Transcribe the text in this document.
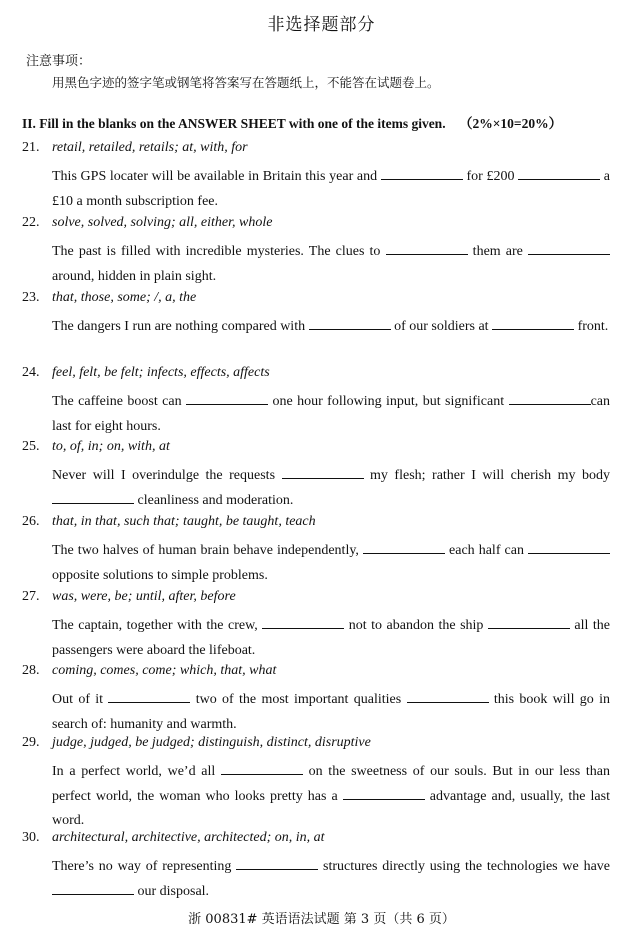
非选择题部分
注意事项：
用黑色字迹的签字笔或钢笔将答案写在答题纸上，不能答在试题卷上。
II. Fill in the blanks on the ANSWER SHEET with one of the items given. （2%×10=20%）
21. retail, retailed, retails; at, with, for
This GPS locater will be available in Britain this year and	for £200	a £10 a month subscription fee.
22. solve, solved, solving; all, either, whole
The past is filled with incredible mysteries. The clues to	them are around, hidden in plain sight.
23. that, those, some; /, a, the
The dangers I run are nothing compared with	of our soldiers at	front.
24. feel, felt, be felt; infects, effects, affects
The caffeine boost can	one hour following input, but significant	can last for eight hours.
25. to, of, in; on, with, at
Never will I overindulge the requests	my flesh; rather I will cherish my body  cleanliness and moderation.
26. that, in that, such that; taught, be taught, teach
The two halves of human brain behave independently,	each half can  opposite solutions to simple problems.
27. was, were, be; until, after, before
The captain, together with the crew,	not to abandon the ship	all the passengers were aboard the lifeboat.
28. coming, comes, come; which, that, what
Out of it	two of the most important qualities	this book will go in search of: humanity and warmth.
29. judge, judged, be judged; distinguish, distinct, disruptive
In a perfect world, we’d all	on the sweetness of our souls. But in our less than perfect world, the woman who looks pretty has a	advantage and, usually, the last word.
30. architectural, architective, architected; on, in, at
There’s no way of representing	structures directly using the technologies we have  our disposal.
浙 00831# 英语语法试题 第 3 页（共 6 页）
